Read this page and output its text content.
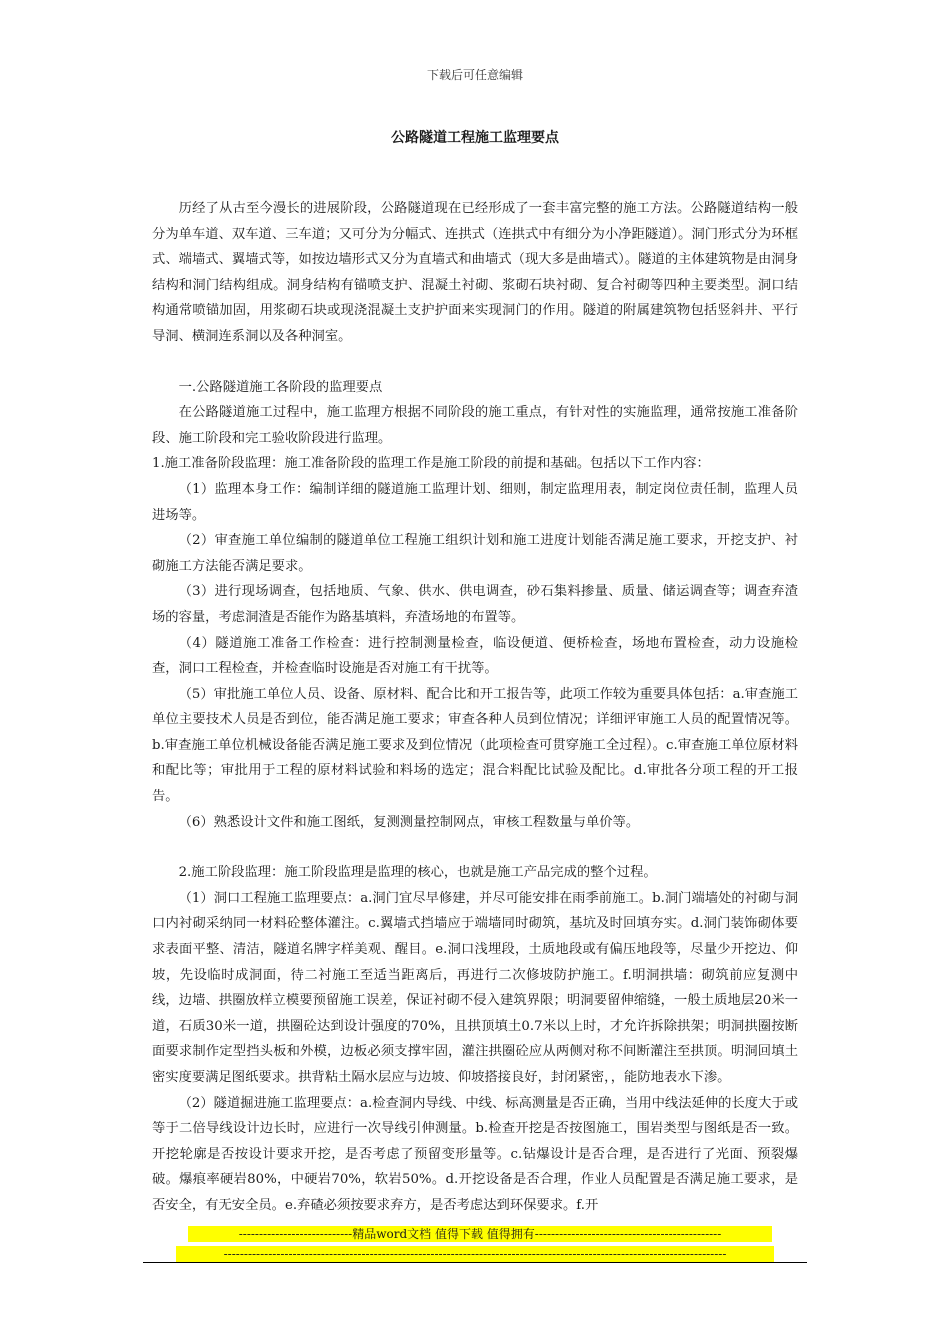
下载后可任意编辑
公路隧道工程施工监理要点

历经了从古至今漫长的进展阶段，公路隧道现在已经形成了一套丰富完整的施工方法。公路隧道结构一般分为单车道、双车道、三车道；又可分为分幅式、连拱式（连拱式中有细分为小净距隧道）。洞门形式分为环框式、端墙式、翼墙式等，如按边墙形式又分为直墙式和曲墙式（现大多是曲墙式）。隧道的主体建筑物是由洞身结构和洞门结构组成。洞身结构有锚喷支护、混凝土衬砌、浆砌石块衬砌、复合衬砌等四种主要类型。洞口结构通常喷锚加固，用浆砌石块或现浇混凝土支护护面来实现洞门的作用。隧道的附属建筑物包括竖斜井、平行导洞、横洞连系洞以及各种洞室。

一.公路隧道施工各阶段的监理要点

在公路隧道施工过程中，施工监理方根据不同阶段的施工重点，有针对性的实施监理，通常按施工准备阶段、施工阶段和完工验收阶段进行监理。

1.施工准备阶段监理：施工准备阶段的监理工作是施工阶段的前提和基础。包括以下工作内容：

（1）监理本身工作：编制详细的隧道施工监理计划、细则，制定监理用表，制定岗位责任制，监理人员进场等。

（2）审查施工单位编制的隧道单位工程施工组织计划和施工进度计划能否满足施工要求，开挖支护、衬砌施工方法能否满足要求。

（3）进行现场调查，包括地质、气象、供水、供电调查，砂石集料掺量、质量、储运调查等；调查弃渣场的容量，考虑洞渣是否能作为路基填料，弃渣场地的布置等。

（4）隧道施工准备工作检查：进行控制测量检查，临设便道、便桥检查，场地布置检查，动力设施检查，洞口工程检查，并检查临时设施是否对施工有干扰等。

（5）审批施工单位人员、设备、原材料、配合比和开工报告等，此项工作较为重要具体包括：a.审查施工单位主要技术人员是否到位，能否满足施工要求；审查各种人员到位情况；详细评审施工人员的配置情况等。b.审查施工单位机械设备能否满足施工要求及到位情况（此项检查可贯穿施工全过程）。c.审查施工单位原材料和配比等；审批用于工程的原材料试验和料场的选定；混合料配比试验及配比。d.审批各分项工程的开工报告。

（6）熟悉设计文件和施工图纸，复测测量控制网点，审核工程数量与单价等。

2.施工阶段监理：施工阶段监理是监理的核心，也就是施工产品完成的整个过程。

（1）洞口工程施工监理要点：a.洞门宜尽早修建，并尽可能安排在雨季前施工。b.洞门端墙处的衬砌与洞口内衬砌采纳同一材料砼整体灌注。c.翼墙式挡墙应于端墙同时砌筑，基坑及时回填夯实。d.洞门装饰砌体要求表面平整、清洁，隧道名牌字样美观、醒目。e.洞口浅埋段，土质地段或有偏压地段等，尽量少开挖边、仰坡，先设临时成洞面，待二衬施工至适当距离后，再进行二次修坡防护施工。f.明洞拱墙：砌筑前应复测中线，边墙、拱圈放样立模要预留施工误差，保证衬砌不侵入建筑界限；明洞要留伸缩缝，一般土质地层20米一道，石质30米一道，拱圈砼达到设计强度的70%，且拱顶填土0.7米以上时，才允许拆除拱架；明洞拱圈按断面要求制作定型挡头板和外模，边板必须支撑牢固，灌注拱圈砼应从两侧对称不间断灌注至拱顶。明洞回填土密实度要满足图纸要求。拱背粘土隔水层应与边坡、仰坡搭接良好，封闭紧密，，能防地表水下渗。

（2）隧道掘进施工监理要点：a.检查洞内导线、中线、标高测量是否正确，当用中线法延伸的长度大于或等于二倍导线设计边长时，应进行一次导线引伸测量。b.检查开挖是否按图施工，围岩类型与图纸是否一致。开挖轮廓是否按设计要求开挖，是否考虑了预留变形量等。c.钻爆设计是否合理，是否进行了光面、预裂爆破。爆痕率硬岩80%，中硬岩70%，软岩50%。d.开挖设备是否合理，作业人员配置是否满足施工要求，是否安全，有无安全员。e.弃碴必须按要求弃方，是否考虑达到环保要求。f.开

----------------------------精品word文档 值得下载 值得拥有----------------------------------------------
----------------------------------------------------------------------------------------------------------------------------
